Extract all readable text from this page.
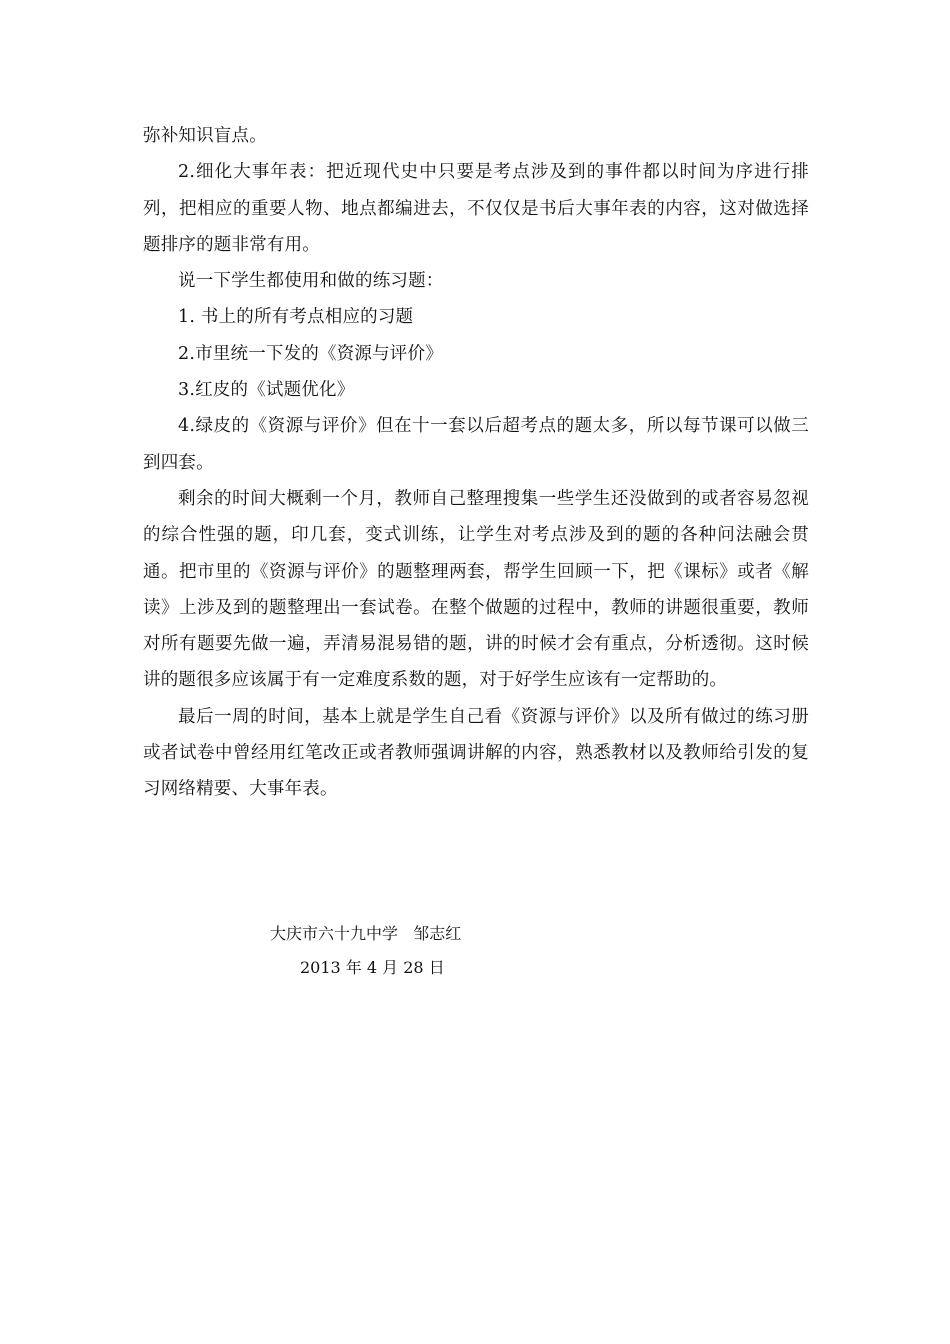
弥补知识盲点。

2.细化大事年表：把近现代史中只要是考点涉及到的事件都以时间为序进行排列，把相应的重要人物、地点都编进去，不仅仅是书后大事年表的内容，这对做选择题排序的题非常有用。

说一下学生都使用和做的练习题：

1. 书上的所有考点相应的习题

2.市里统一下发的《资源与评价》

3.红皮的《试题优化》

4.绿皮的《资源与评价》但在十一套以后超考点的题太多，所以每节课可以做三到四套。

剩余的时间大概剩一个月，教师自己整理搜集一些学生还没做到的或者容易忽视的综合性强的题，印几套，变式训练，让学生对考点涉及到的题的各种问法融会贯通。把市里的《资源与评价》的题整理两套，帮学生回顾一下，把《课标》或者《解读》上涉及到的题整理出一套试卷。在整个做题的过程中，教师的讲题很重要，教师对所有题要先做一遍，弄清易混易错的题，讲的时候才会有重点，分析透彻。这时候讲的题很多应该属于有一定难度系数的题，对于好学生应该有一定帮助的。

最后一周的时间，基本上就是学生自己看《资源与评价》以及所有做过的练习册或者试卷中曾经用红笔改正或者教师强调讲解的内容，熟悉教材以及教师给引发的复习网络精要、大事年表。

大庆市六十九中学   邹志红
2013 年 4 月 28 日
